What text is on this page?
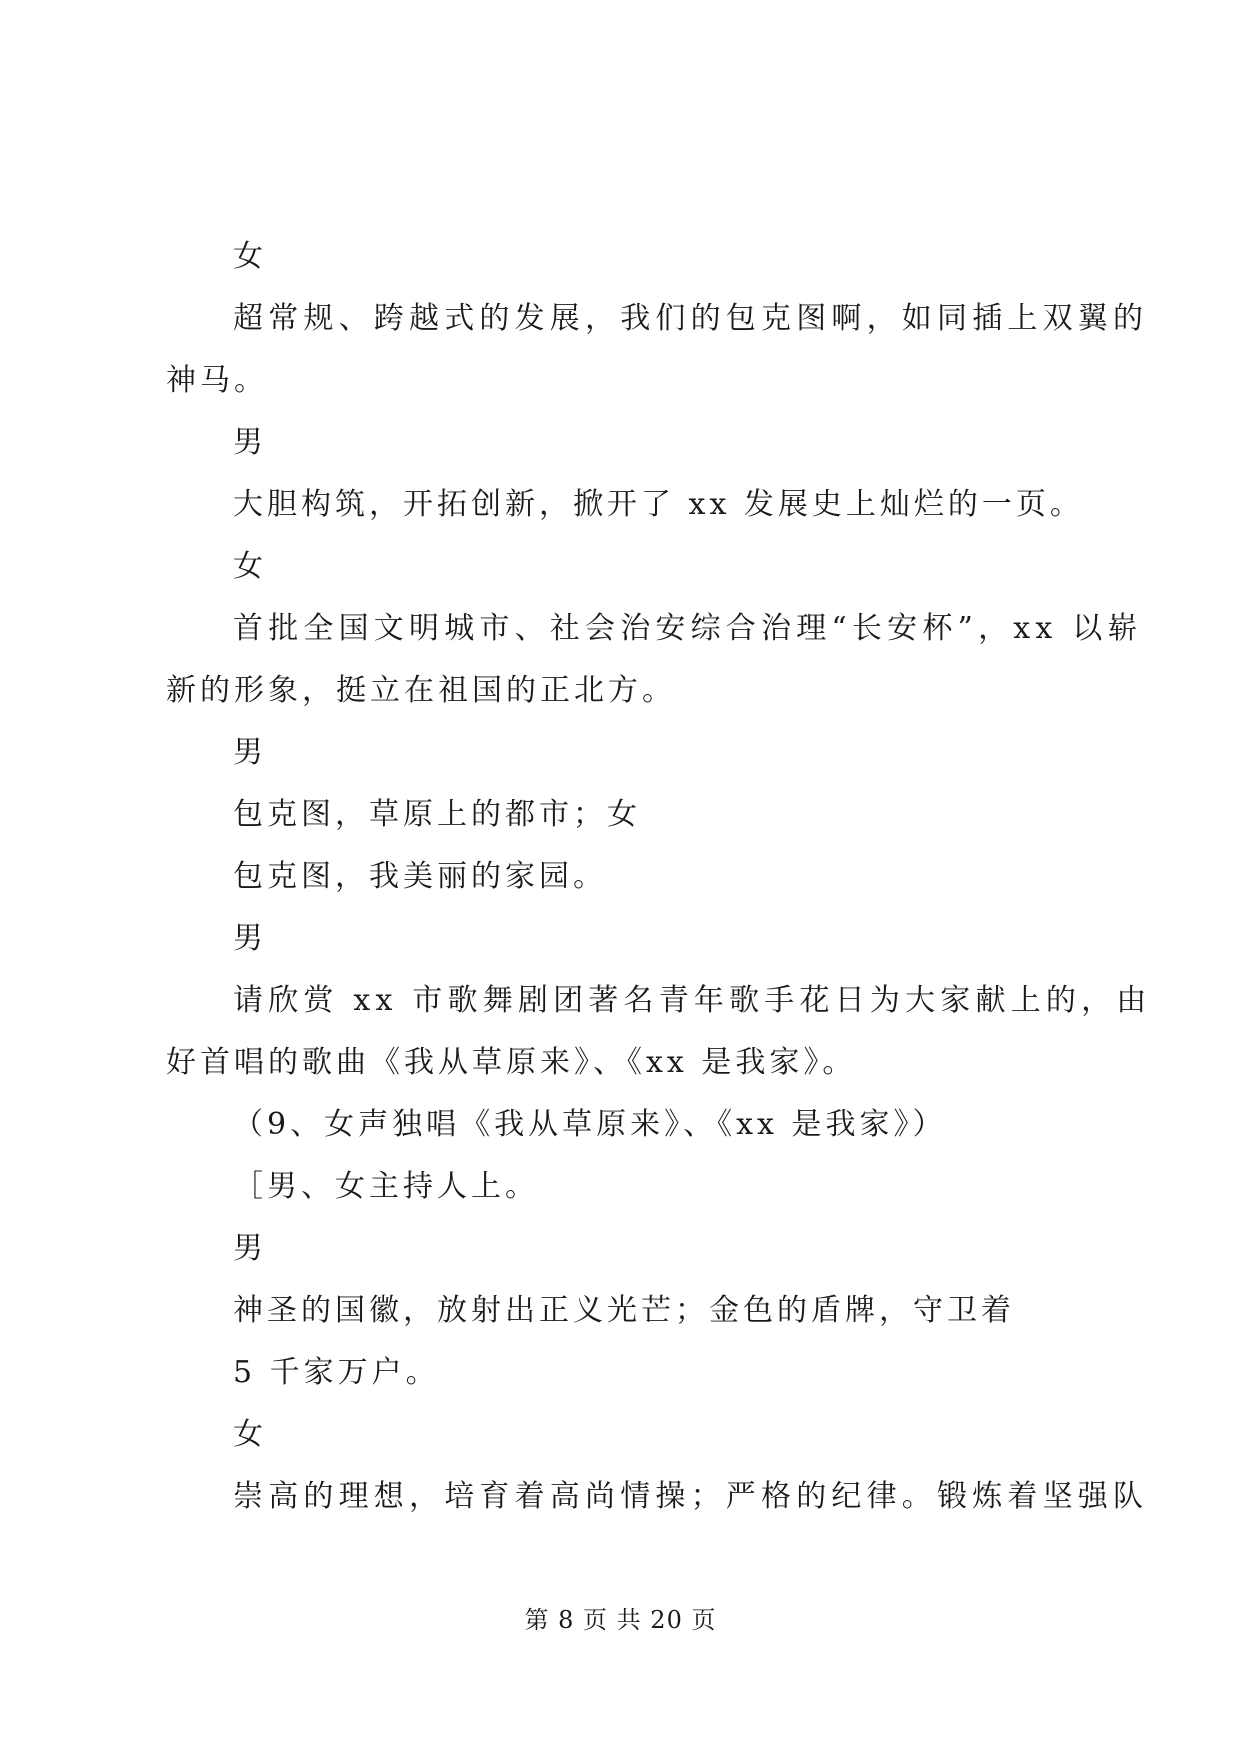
女
超常规、跨越式的发展，我们的包克图啊，如同插上双翼的
神马。
男
大胆构筑，开拓创新，掀开了 xx 发展史上灿烂的一页。
女
首批全国文明城市、社会治安综合治理“长安杯”，xx 以崭
新的形象，挺立在祖国的正北方。
男
包克图，草原上的都市；女
包克图，我美丽的家园。
男
请欣赏 xx 市歌舞剧团著名青年歌手花日为大家献上的，由
好首唱的歌曲《我从草原来》、《xx 是我家》。
（9、女声独唱《我从草原来》、《xx 是我家》）
［男、女主持人上。
男
神圣的国徽，放射出正义光芒；金色的盾牌，守卫着
5 千家万户。
女
崇高的理想，培育着高尚情操；严格的纪律。锻炼着坚强队
第 8 页 共 20 页
